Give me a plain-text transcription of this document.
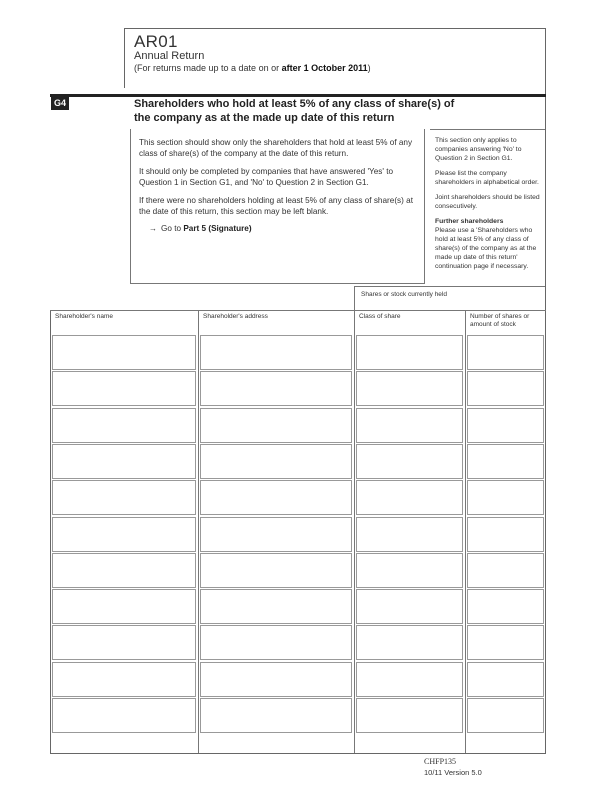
AR01
Annual Return
(For returns made up to a date on or after 1 October 2011)
G4	Shareholders who hold at least 5% of any class of share(s) of the company as at the made up date of this return

This section should show only the shareholders that hold at least 5% of any class of share(s) of the company at the date of this return.

It should only be completed by companies that have answered 'Yes' to Question 1 in Section G1, and 'No' to Question 2 in Section G1.

If there were no shareholders holding at least 5% of any class of share(s) at the date of this return, this section may be left blank.

→ Go to Part 5 (Signature)

This section only applies to companies answering 'No' to Question 2 in Section G1.

Please list the company shareholders in alphabetical order.

Joint shareholders should be listed consecutively.

Further shareholders

Please use a 'Shareholders who hold at least 5% of any class of share(s) of the company as at the made up date of this return' continuation page if necessary.

Shares or stock currently held
Shareholder's name	Shareholder's address	Class of share	Number of shares or amount of stock
CHFP135
10/11 Version 5.0
